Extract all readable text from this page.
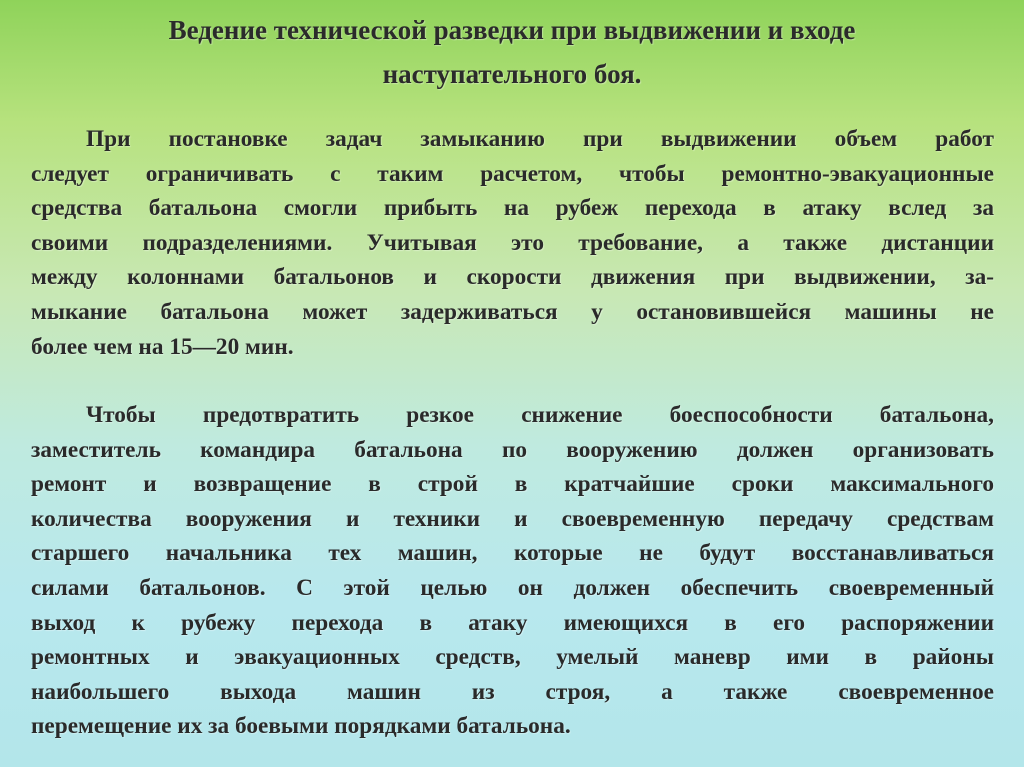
Ведение технической разведки при выдвижении и входе
наступательного боя.
При постановке задач замыканию при выдвижении объем работ
следует ограничивать с таким расчетом, чтобы ремонтно-эвакуационные
средства батальона смогли прибыть на рубеж перехода в атаку вслед за
своими подразделениями. Учитывая это требование, а также дистанции
между колоннами батальонов и скорости движения при выдвижении, за-
мыкание батальона может задерживаться у остановившейся машины не
более чем на 15—20 мин.
Чтобы предотвратить резкое снижение боеспособности батальона,
заместитель командира батальона по вооружению должен организовать
ремонт и возвращение в строй в кратчайшие сроки максимального
количества вооружения и техники и своевременную передачу средствам
старшего начальника тех машин, которые не будут восстанавливаться
силами батальонов. С этой целью он должен обеспечить своевременный
выход к рубежу перехода в атаку имеющихся в его распоряжении
ремонтных и эвакуационных средств, умелый маневр ими в районы
наибольшего выхода машин из строя, а также своевременное
перемещение их за боевыми порядками батальона.
